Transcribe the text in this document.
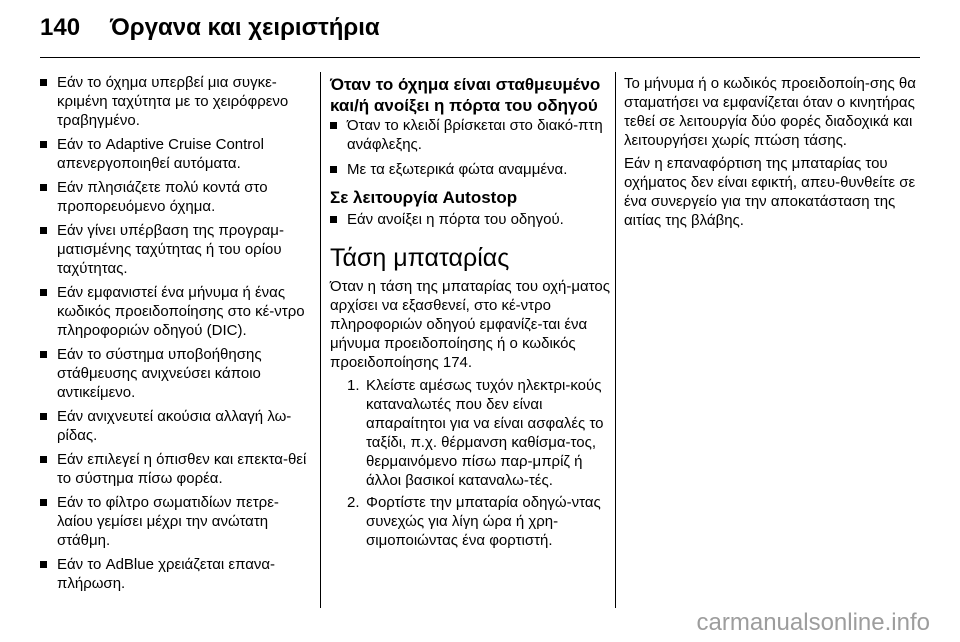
140 Όργανα και χειριστήρια
Εάν το όχημα υπερβεί μια συγκε-κριμένη ταχύτητα με το χειρόφρενο τραβηγμένο.
Εάν το Adaptive Cruise Control απενεργοποιηθεί αυτόματα.
Εάν πλησιάζετε πολύ κοντά στο προπορευόμενο όχημα.
Εάν γίνει υπέρβαση της προγραμ-ματισμένης ταχύτητας ή του ορίου ταχύτητας.
Εάν εμφανιστεί ένα μήνυμα ή ένας κωδικός προειδοποίησης στο κέ-ντρο πληροφοριών οδηγού (DIC).
Εάν το σύστημα υποβοήθησης στάθμευσης ανιχνεύσει κάποιο αντικείμενο.
Εάν ανιχνευτεί ακούσια αλλαγή λω-ρίδας.
Εάν επιλεγεί η όπισθεν και επεκτα-θεί το σύστημα πίσω φορέα.
Εάν το φίλτρο σωματιδίων πετρε-λαίου γεμίσει μέχρι την ανώτατη στάθμη.
Εάν το AdBlue χρειάζεται επανα-πλήρωση.
Όταν το όχημα είναι σταθμευμένο και/ή ανοίξει η πόρτα του οδηγού
Όταν το κλειδί βρίσκεται στο διακό-πτη ανάφλεξης.
Με τα εξωτερικά φώτα αναμμένα.
Σε λειτουργία Autostop
Εάν ανοίξει η πόρτα του οδηγού.
Τάση μπαταρίας
Όταν η τάση της μπαταρίας του οχή-ματος αρχίσει να εξασθενεί, στο κέ-ντρο πληροφοριών οδηγού εμφανίζε-ται ένα μήνυμα προειδοποίησης ή ο κωδικός προειδοποίησης 174.
1. Κλείστε αμέσως τυχόν ηλεκτρι-κούς καταναλωτές που δεν είναι απαραίτητοι για να είναι ασφαλές το ταξίδι, π.χ. θέρμανση καθίσμα-τος, θερμαινόμενο πίσω παρ-μπρίζ ή άλλοι βασικοί καταναλω-τές.
2. Φορτίστε την μπαταρία οδηγώ-ντας συνεχώς για λίγη ώρα ή χρη-σιμοποιώντας ένα φορτιστή.
Το μήνυμα ή ο κωδικός προειδοποίη-σης θα σταματήσει να εμφανίζεται όταν ο κινητήρας τεθεί σε λειτουργία δύο φορές διαδοχικά και λειτουργήσει χωρίς πτώση τάσης.
Εάν η επαναφόρτιση της μπαταρίας του οχήματος δεν είναι εφικτή, απευ-θυνθείτε σε ένα συνεργείο για την αποκατάσταση της αιτίας της βλάβης.
carmanualsonline.info
